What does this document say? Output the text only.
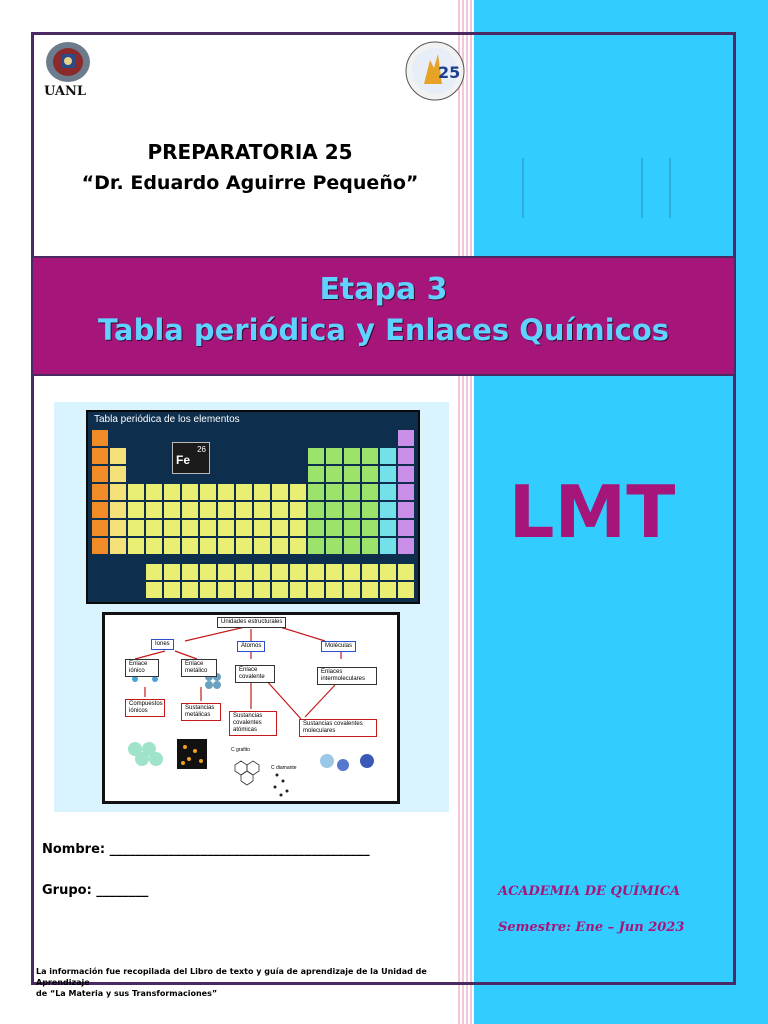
UANL
25
PREPARATORIA 25
“Dr. Eduardo Aguirre Pequeño”
Etapa 3
Tabla periódica y Enlaces Químicos
LMT
Tabla periódica de los elementos
26
Fe
Unidades estructurales
Iones	Átomos	Moléculas
Enlace iónico
Enlace metálico	Enlace covalente
Enlaces intermoleculares
Compuestos iónicos	Sustancias metálicas	Sustancias covalentes atómicas
Sustancias covalentes moleculares
C grafito
C diamante
Nombre: ________________________________________
Grupo: ________	ACADEMIA DE QUÍMICA
Semestre: Ene – Jun 2023
La información fue recopilada del Libro de texto y guía de aprendizaje de la Unidad de Aprendizaje
de “La Materia y sus Transformaciones”
